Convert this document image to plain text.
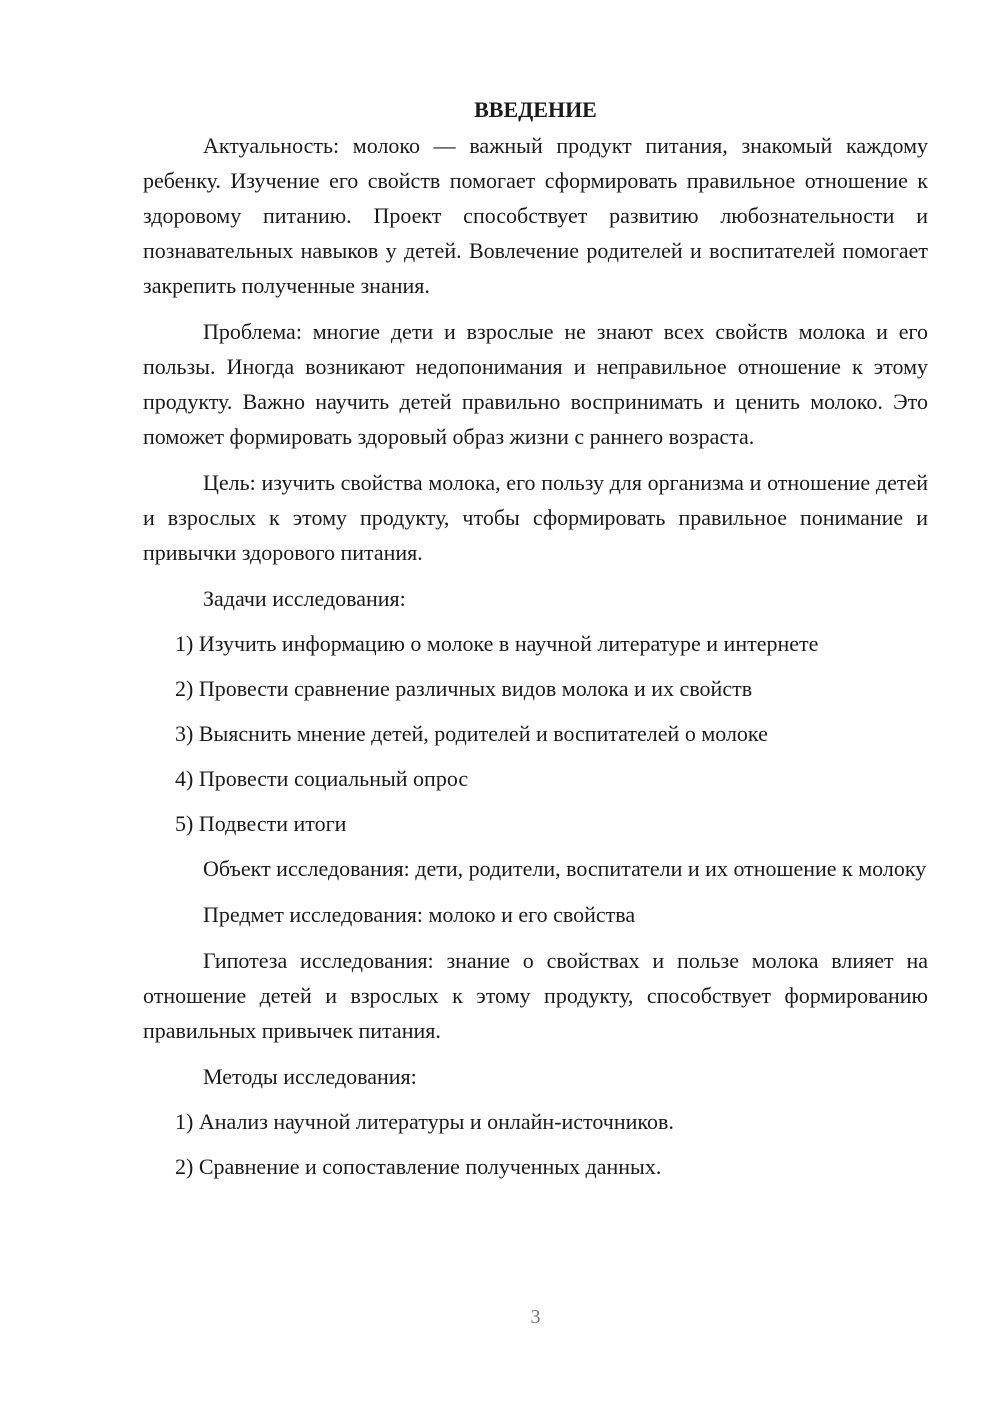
ВВЕДЕНИЕ

Актуальность: молоко — важный продукт питания, знакомый каждому ребенку. Изучение его свойств помогает сформировать правильное отношение к здоровому питанию. Проект способствует развитию любознательности и познавательных навыков у детей. Вовлечение родителей и воспитателей помогает закрепить полученные знания.

Проблема: многие дети и взрослые не знают всех свойств молока и его пользы. Иногда возникают недопонимания и неправильное отношение к этому продукту. Важно научить детей правильно воспринимать и ценить молоко. Это поможет формировать здоровый образ жизни с раннего возраста.

Цель: изучить свойства молока, его пользу для организма и отношение детей и взрослых к этому продукту, чтобы сформировать правильное понимание и привычки здорового питания.

Задачи исследования:

1) Изучить информацию о молоке в научной литературе и интернете
2) Провести сравнение различных видов молока и их свойств
3) Выяснить мнение детей, родителей и воспитателей о молоке
4) Провести социальный опрос
5) Подвести итоги

Объект исследования: дети, родители, воспитатели и их отношение к молоку

Предмет исследования: молоко и его свойства

Гипотеза исследования: знание о свойствах и пользе молока влияет на отношение детей и взрослых к этому продукту, способствует формированию правильных привычек питания.

Методы исследования:

1) Анализ научной литературы и онлайн-источников.
2) Сравнение и сопоставление полученных данных.
3
